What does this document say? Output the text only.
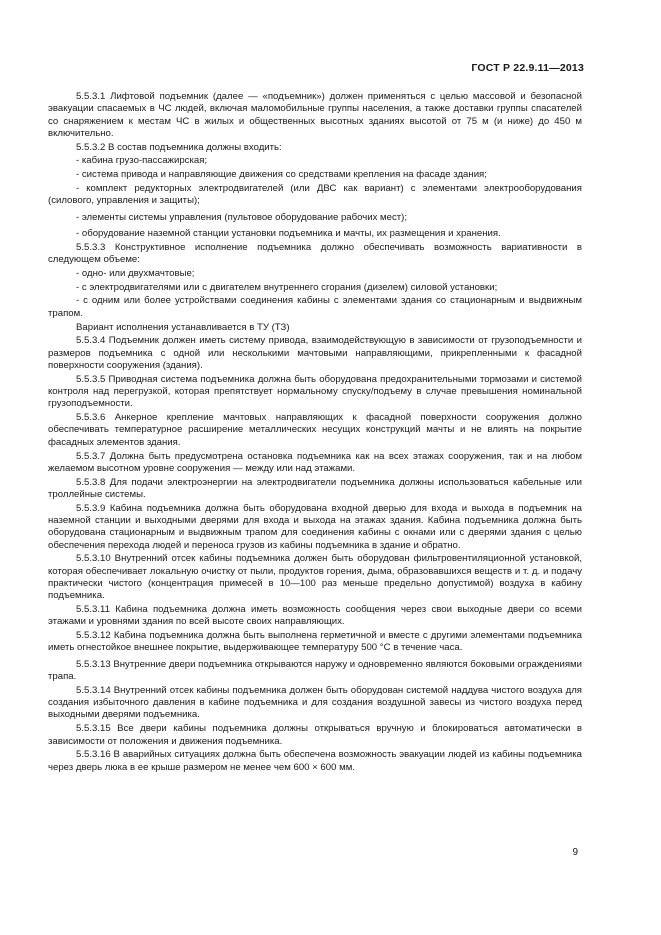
ГОСТ Р 22.9.11—2013

5.5.3.1 Лифтовой подъемник (далее — «подъемник») должен применяться с целью массовой и безопасной эвакуации спасаемых в ЧС людей, включая маломобильные группы населения, а также доставки группы спасателей со снаряжением к местам ЧС в жилых и общественных высотных зданиях высотой от 75 м (и ниже) до 450 м включительно.

5.5.3.2 В состав подъемника должны входить:

- кабина грузо-пассажирская;

- система привода и направляющие движения со средствами крепления на фасаде здания;

- комплект редукторных электродвигателей (или ДВС как вариант) с элементами электрооборудования (силового, управления и защиты);

- элементы системы управления (пультовое оборудование рабочих мест);

- оборудование наземной станции установки подъемника и мачты, их размещения и хранения.

5.5.3.3 Конструктивное исполнение подъемника должно обеспечивать возможность вариативности в следующем объеме:

- одно- или двухмачтовые;

- с электродвигателями или с двигателем внутреннего сгорания (дизелем) силовой установки;

- с одним или более устройствами соединения кабины с элементами здания со стационарным и выдвижным трапом.

Вариант исполнения устанавливается в ТУ (ТЗ)

5.5.3.4 Подъемник должен иметь систему привода, взаимодействующую в зависимости от грузоподъемности и размеров подъемника с одной или несколькими мачтовыми направляющими, прикрепленными к фасадной поверхности сооружения (здания).

5.5.3.5 Приводная система подъемника должна быть оборудована предохранительными тормозами и системой контроля над перегрузкой, которая препятствует нормальному спуску/подъему в случае превышения номинальной грузоподъемности.

5.5.3.6 Анкерное крепление мачтовых направляющих к фасадной поверхности сооружения должно обеспечивать температурное расширение металлических несущих конструкций мачты и не влиять на покрытие фасадных элементов здания.

5.5.3.7 Должна быть предусмотрена остановка подъемника как на всех этажах сооружения, так и на любом желаемом высотном уровне сооружения — между или над этажами.

5.5.3.8 Для подачи электроэнергии на электродвигатели подъемника должны использоваться кабельные или троллейные системы.

5.5.3.9 Кабина подъемника должна быть оборудована входной дверью для входа и выхода в подъемник на наземной станции и выходными дверями для входа и выхода на этажах здания. Кабина подъемника должна быть оборудована стационарным и выдвижным трапом для соединения кабины с окнами или с дверями здания с целью обеспечения перехода людей и переноса грузов из кабины подъемника в здание и обратно.

5.5.3.10 Внутренний отсек кабины подъемника должен быть оборудован фильтровентиляционной установкой, которая обеспечивает локальную очистку от пыли, продуктов горения, дыма, образовавшихся веществ и т. д. и подачу практически чистого (концентрация примесей в 10—100 раз меньше предельно допустимой) воздуха в кабину подъемника.

5.5.3.11 Кабина подъемника должна иметь возможность сообщения через свои выходные двери со всеми этажами и уровнями здания по всей высоте своих направляющих.

5.5.3.12 Кабина подъемника должна быть выполнена герметичной и вместе с другими элементами подъемника иметь огнестойкое внешнее покрытие, выдерживающее температуру 500 °С в течение часа.

5.5.3.13 Внутренние двери подъемника открываются наружу и одновременно являются боковыми ограждениями трапа.

5.5.3.14 Внутренний отсек кабины подъемника должен быть оборудован системой наддува чистого воздуха для создания избыточного давления в кабине подъемника и для создания воздушной завесы из чистого воздуха перед выходными дверями подъемника.

5.5.3.15 Все двери кабины подъемника должны открываться вручную и блокироваться автоматически в зависимости от положения и движения подъемника.

5.5.3.16 В аварийных ситуациях должна быть обеспечена возможность эвакуации людей из кабины подъемника через дверь люка в ее крыше размером не менее чем 600 × 600 мм.

9
